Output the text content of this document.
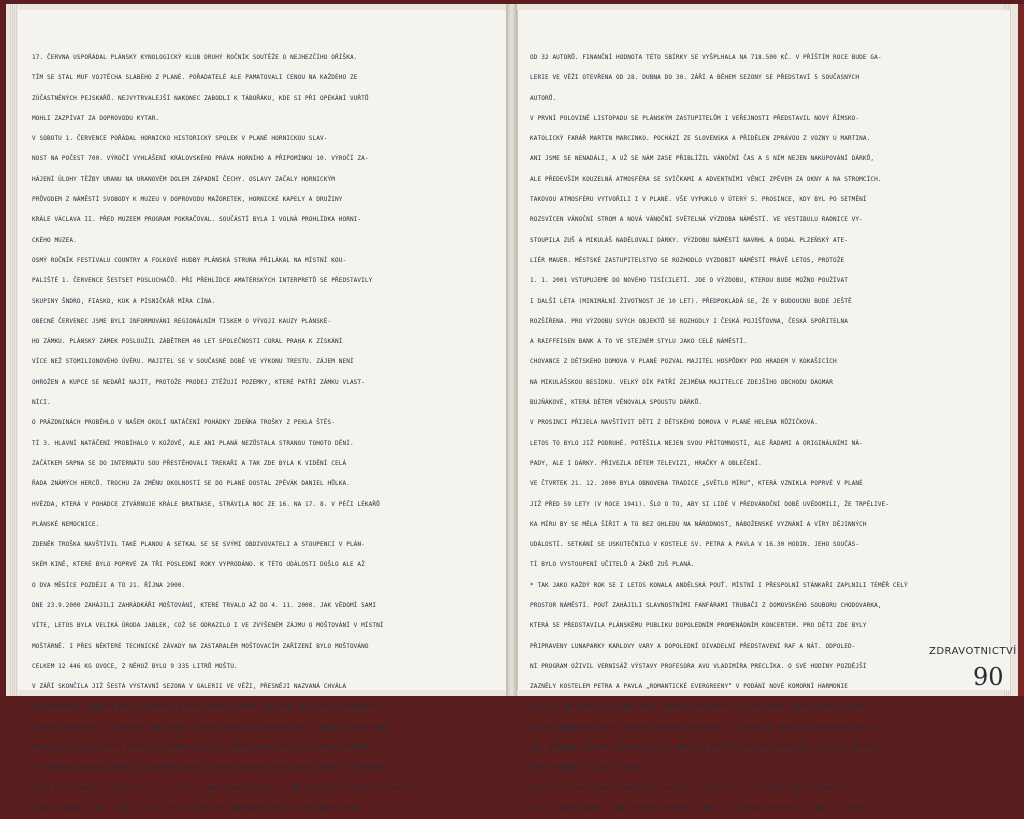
17. ČERVNA USPOŘÁDAL PLÁNSKÝ KYNOLOGICKÝ KLUB DRUHÝ ROČNÍK SOUTĚŽE O NEJHEZČÍHO OŘÍŠKA.

TÍM SE STAL MUF VOJTĚCHA SLABÉHO Z PLANÉ. POŘADATELÉ ALE PAMATOVALI CENOU NA KAŽDÉHO ZE

ZÚČASTNĚNÝCH PEJSKAŘŮ. NEJVYTRVALEJŠÍ NAKONEC ZABODLI K TÁBOŘÁKU, KDE SI PŘI OPÉKÁNÍ VUŘTŮ

MOHLI ZAZPÍVAT ZA DOPROVODU KYTAR.

V SOBOTU 1. ČERVENCE POŘÁDAL HORNICKO HISTORICKÝ SPOLEK V PLANÉ HORNICKOU SLAV-

NOST NA POČEST 700. VÝROČÍ VYHLÁŠENÍ KRÁLOVSKÉHO PRÁVA HORNÍHO A PŘIPOMÍNKU 10. VÝROČÍ ZA-

HÁJENÍ ÚLOHY TĚŽBY URANU NA URANOVÉM DOLEM ZÁPADNÍ ČECHY. OSLAVY ZAČALY HORNICKÝM

PRŮVODEM Z NÁMĚSTÍ SVOBODY K MUZEU V DOPROVODU MAŽORETEK, HORNICKÉ KAPELY A DRUŽINY

KRÁLE VÁCLAVA II. PŘED MUZEEM PROGRAM POKRAČOVAL. SOUČÁSTÍ BYLA I VOLNÁ PROHLÍDKA HORNI-

CKÉHO MUZEA.

OSMÝ ROČNÍK FESTIVALU COUNTRY A FOLKOVÉ HUDBY PLÁNSKÁ STRUNA PŘILÁKAL NA MÍSTNÍ KOU-

PALIŠTĚ 1. ČERVENCE ŠESTSET POSLUCHAČŮ. PŘI PŘEHLÍDCE AMATÉRSKÝCH INTERPRETŮ SE PŘEDSTAVILY

SKUPINY ŠNDRO, FIASKO, KUK A PÍSNIČKÁŘ MÍRA CÍNA.

OBECNÉ ČERVENEC JSME BYLI INFORMOVÁNI REGIONÁLNÍM TISKEM O VÝVOJI KAUZY PLÁNSKÉ-

HO ZÁMKU. PLÁNSKÝ ZÁMEK POSLOUŽIL ZÁBĚTREM 40 LET SPOLEČNOSTI CORAL PRAHA K ZÍSKÁNÍ

VÍCE NEŽ STOMILIONOVÉHO ÚVĚRU. MAJITEL SE V SOUČASNÉ DOBĚ VE VÝKONU TRESTU. ZÁJEM NENÍ

OHROŽEN A KUPCE SE NEDAŘÍ NAJÍT, PROTOŽE PRODEJ ZTĚŽUJÍ POZEMKY, KTERÉ PATŘÍ ZÁMKU VLAST-

NÍCI.

O PRÁZDNINÁCH PROBĚHLO V NAŠEM OKOLÍ NATÁČENÍ POHÁDKY ZDEŇKA TROŠKY Z PEKLA ŠTĚS-

TÍ 3. HLAVNÍ NATÁČENÍ PROBÍHALO V KOŽOVĚ, ALE ANI PLANÁ NEZŮSTALA STRANOU TOHOTO DĚNÍ.

ZAČÁTKEM SRPNA SE DO INTERNÁTU SOU PŘESTĚHOVALI TREKAŘI A TAK ZDE BYLA K VIDĚNÍ CELÁ

ŘADA ZNÁMÝCH HERCŮ. TROCHU ZA ZMĚNU OKOLNOSTÍ SE DO PLANÉ DOSTAL ZPĚVÁK DANIEL HŮLKA.

HVĚZDA, KTERÁ V POHÁDCE ZTVÁRNUJE KRÁLE BRATBASE, STRÁVILA NOC ZE 16. NA 17. 8. V PÉČI LÉKAŘŮ

PLÁNSKÉ NEMOCNICE.

ZDENĚK TROŠKA NAVŠTÍVIL TAKÉ PLANOU A SETKAL SE SE SVÝMI OBDIVOVATELI A STOUPENCI V PLÁN-

SKÉM KINĚ, KTERÉ BYLO POPRVÉ ZA TŘI POSLEDNÍ ROKY VYPRODÁNO. K TÉTO UDÁLOSTI DOŠLO ALE AŽ

O DVA MĚSÍCE POZDĚJI A TO 21. ŘÍJNA 2000.

DNE 23.9.2000 ZAHÁJILI ZAHRÁDKÁŘI MOŠTOVÁNÍ, KTERÉ TRVALO AŽ DO 4. 11. 2000. JAK VĚDOMÍ SAMI

VÍTE, LETOS BYLA VELIKÁ ÚRODA JABLEK, COŽ SE ODRAZILO I VE ZVÝŠENÉM ZÁJMU O MOŠTOVÁNÍ V MÍSTNÍ

MOŠTÁRNĚ. I PŘES NĚKTERÉ TECHNICKÉ ZÁVADY NA ZASTARALÉM MOŠTOVACÍM ZAŘÍZENÍ BYLO MOŠTOVÁNO

CELKEM 12 446 KG OVOCE, Z NĚHOŽ BYLO 9 335 LITRŮ MOŠTU.

V ZÁŘÍ SKONČILA JIŽ ŠESTÁ VÝSTAVNÍ SEZONA V GALERII VE VĚŽI, PŘESNĚJI NAZVANÁ CHVÁLA

ARCHITEKTURY. STŘEŽENÍ MĚSÍCE ČERVENCE A SRPEN PATŘILY DVĚMA SOUČASNÝM ŠPIČKOVÝM VÝTVARNÍKŮM

JIŘÍMU ŠALAMOUNOVI A VLADIMÍRU PRECLÍKOVI. PLAKÁT GENERACE VÝTVARNÍKŮ BYLA V GALERII ZASTOUPENA

SPOLEČNOU VÝSTAVOU ŠÁRKY TRČKOVÉ A JIŘÍHO PLIEŠTIKA. ZÁPADOČESKÉ UMĚLCE ZASTUPOVAL ARCHITEKT

A VÝTVARNÍK BOHUSLAV ČAPKA JIŽ ZMÍNĚNOU KOLEKCÍ OBRAZŮ NAZVANOU CHVÁLA ARCHITEKTURY. V PRŮBĚHU

ŠESTI MĚSÍCŮ NAVŠTÍVILO GALERII 1122 PLATÍCÍCH NÁVŠTĚVNÍKŮ A MĚSTO PLANÁ ZÍSKALO DÍKY NOVÝM VÝTVARNÝM

DÍLŮM V HODNOTĚ 187.500 KČ. V TÉTO DOBĚ ČÍTÁ KOLEKCE MODERNÍHO UMĚNÍ 42 VÝTVARNÝCH PRACÍ

OD 32 AUTORŮ. FINANČNÍ HODNOTA TÉTO SBÍRKY SE VYŠPLHALA NA 718.500 KČ. V PŘÍŠTÍM ROCE BUDE GA-

LERIE VE VĚŽI OTEVŘENA OD 28. DUBNA DO 30. ZÁŘÍ A BĚHEM SEZONY SE PŘEDSTAVÍ 5 SOUČASNÝCH

AUTORŮ.

V PRVNÍ POLOVINĚ LISTOPADU SE PLÁNSKÝM ZASTUPITELŮM I VEŘEJNOSTI PŘEDSTAVIL NOVÝ ŘÍMSKO-

KATOLICKÝ FARÁŘ MARTIN MARCINKO. POCHÁZÍ ZE SLOVENSKA A PŘIDĚLEN ZPRÁVOU Z VOZNY U MARTINA.

ANI JSME SE NENADÁLI, A UŽ SE NÁM ZASE PŘIBLÍŽIL VÁNOČNÍ ČAS A S NÍM NEJEN NAKUPOVÁNÍ DÁRKŮ,

ALE PŘEDEVŠÍM KOUZELNÁ ATMOSFÉRA SE SVÍČKAMI A ADVENTNÍMI VĚNCI ZPĚVEM ZA OKNY A NA STROMCÍCH.

TAKOVOU ATMOSFÉRU VYTVOŘILI I V PLANÉ. VŠE VYPUKLO V ÚTERÝ 5. PROSINCE, KDY BYL PO SETMĚNÍ

ROZSVÍCEN VÁNOČNÍ STROM A NOVÁ VÁNOČNÍ SVĚTELNÁ VÝZDOBA NÁMĚSTÍ. VE VESTIBULU RADNICE VY-

STOUPILA ZUŠ A MIKULÁŠ NADĚLOVALI DÁRKY. VÝZDOBU NÁMĚSTÍ NAVRHL A DODAL PLZEŇSKÝ ATE-

LIÉR MAUER. MĚSTSKÉ ZASTUPITELSTVO SE ROZHODLO VYZDOBIT NÁMĚSTÍ PRÁVĚ LETOS, PROTOŽE

1. 1. 2001 VSTUPUJEME DO NOVÉHO TISÍCILETÍ. JDE O VÝZDOBU, KTEROU BUDE MOŽNO POUŽÍVAT

I DALŠÍ LÉTA (MINIMÁLNÍ ŽIVOTNOST JE 10 LET). PŘEDPOKLÁDÁ SE, ŽE V BUDOUCNU BUDE JEŠTĚ

ROZŠÍŘENA. PRO VÝZDOBU SVÝCH OBJEKTŮ SE ROZHODLY I ČESKÁ POJIŠŤOVNA, ČESKÁ SPOŘITELNA

A RAIFFEISEN BANK A TO VE STEJNÉM STYLU JAKO CELÉ NÁMĚSTÍ.

CHOVANCE Z DĚTSKÉHO DOMOVA V PLANÉ POZVAL MAJITEL HOSPŮDKY POD HRADEM V KOKAŠICÍCH

NA MIKULÁŠSKOU BESÍDKU. VELKÝ DÍK PATŘÍ ZEJMÉNA MAJITELCE ZDEJŠÍHO OBCHODU DAGMAR

BUJŇÁKOVÉ, KTERÁ DĚTEM VĚNOVALA SPOUSTU DÁRKŮ.

V PROSINCI PŘIJELA NAVŠTÍVIT DĚTI Z DĚTSKÉHO DOMOVA V PLANÉ HELENA RŮŽIČKOVÁ.

LETOS TO BYLO JIŽ PODRUHÉ. POTĚŠILA NEJEN SVOU PŘÍTOMNOSTÍ, ALE ŘADAMI A ORIGINÁLNÍMI NÁ-

PADY, ALE I DÁRKY. PŘIVEZLA DĚTEM TELEVIZI, HRAČKY A OBLEČENÍ.

VE ČTVRTEK 21. 12. 2000 BYLA OBNOVENA TRADICE „SVĚTLO MÍRU“, KTERÁ VZNIKLA POPRVÉ V PLANÉ

JIŽ PŘED 59 LETY (V ROCE 1941). ŠLO O TO, ABY SI LIDÉ V PŘEDVÁNOČNÍ DOBĚ UVĚDOMILI, ŽE TRPĚLIVE-

KA MÍRU BY SE MĚLA ŠÍŘIT A TO BEZ OHLEDU NA NÁRODNOST, NÁBOŽENSKÉ VYZNÁNÍ A VÍRY DĚJINNÝCH

UDÁLOSTÍ. SETKÁNÍ SE USKUTEČNILO V KOSTELE SV. PETRA A PAVLA V 16.30 HODIN. JEHO SOUČÁS-

TÍ BYLO VYSTOUPENÍ UČITELŮ A ŽÁKŮ ZUŠ PLANÁ.

* TAK JAKO KAŽDÝ ROK SE I LETOS KONALA ANDĚLSKÁ POUŤ. MÍSTNÍ I PŘESPOLNÍ STÁNKAŘI ZAPLNILI TÉMĚŘ CELÝ

PROSTOR NÁMĚSTÍ. POUŤ ZAHÁJILI SLAVNOSTNÍMI FANFÁRAMI TRUBAČI Z DOMOVSKÉHO SOUBORU CHODOVARKA,

KTERÁ SE PŘEDSTAVILA PLÁNSKÉMU PUBLIKU DOPOLEDNÍM PROMENÁDNÍM KONCERTEM. PRO DĚTI ZDE BYLY

PŘIPRAVENY LUNAPARKY KARLOVY VARY A DOPOLEDNÍ DIVADELNÍ PŘEDSTAVENÍ RAF A NÁT. ODPOLED-

NÍ PROGRAM OŽIVIL VERNISÁŽ VÝSTAVY PROFESORA AVU VLADIMÍRA PRECLÍKA. O SVÉ HODINY POZDĚJŠÍ

ZAZNĚLY KOSTELEM PETRA A PAVLA „ROMANTICKÉ EVERGREENY“ V PODÁNÍ NOVÉ KOMORNÍ HARMONIE

Z PLZNĚ. NÁVŠTĚVNÍCI KONCERTU MĚLI MOŽNOST PROHLÉDNOUT SI JAKO PRVNÍ I NOVĚ NAINSTALOVANOU

SEZONNÍ MODERNÍHO UMĚNÍ. POUTOVÝ MARATON POKRAČOVAL V 19 HODIN NA KOUPALIŠTI ROCKOVÝM KONCER-

TEM. BOHUŽEL, CHLADNÉ A DEŠTIVÉ POČASÍ MNOHÉ OD NÁVŠTĚVY KONCERTU ODRADILO. ALE I TAK LETOŠNÍ

POUŤ PROBĚHLA V KLIDU A POHODĚ.

DRTIVÁ VĚTŠINA PLÁNSKÝCH OBČANŮ ANI NETUŠÍ, ŽE NA ÚZEMÍ JEJICH MĚSTA PŮSOBÍ JEDEN Z NEJ-

VĚTŠÍCH ZAMĚSTNAVATELŮ NA TACHOVSKU OKRESE. I KDYŽ SE TO NEZDÁ, NEMOCNICE PLANÁ JE ČTVRTÝM

ZDRAVOTNICTVÍ
90
